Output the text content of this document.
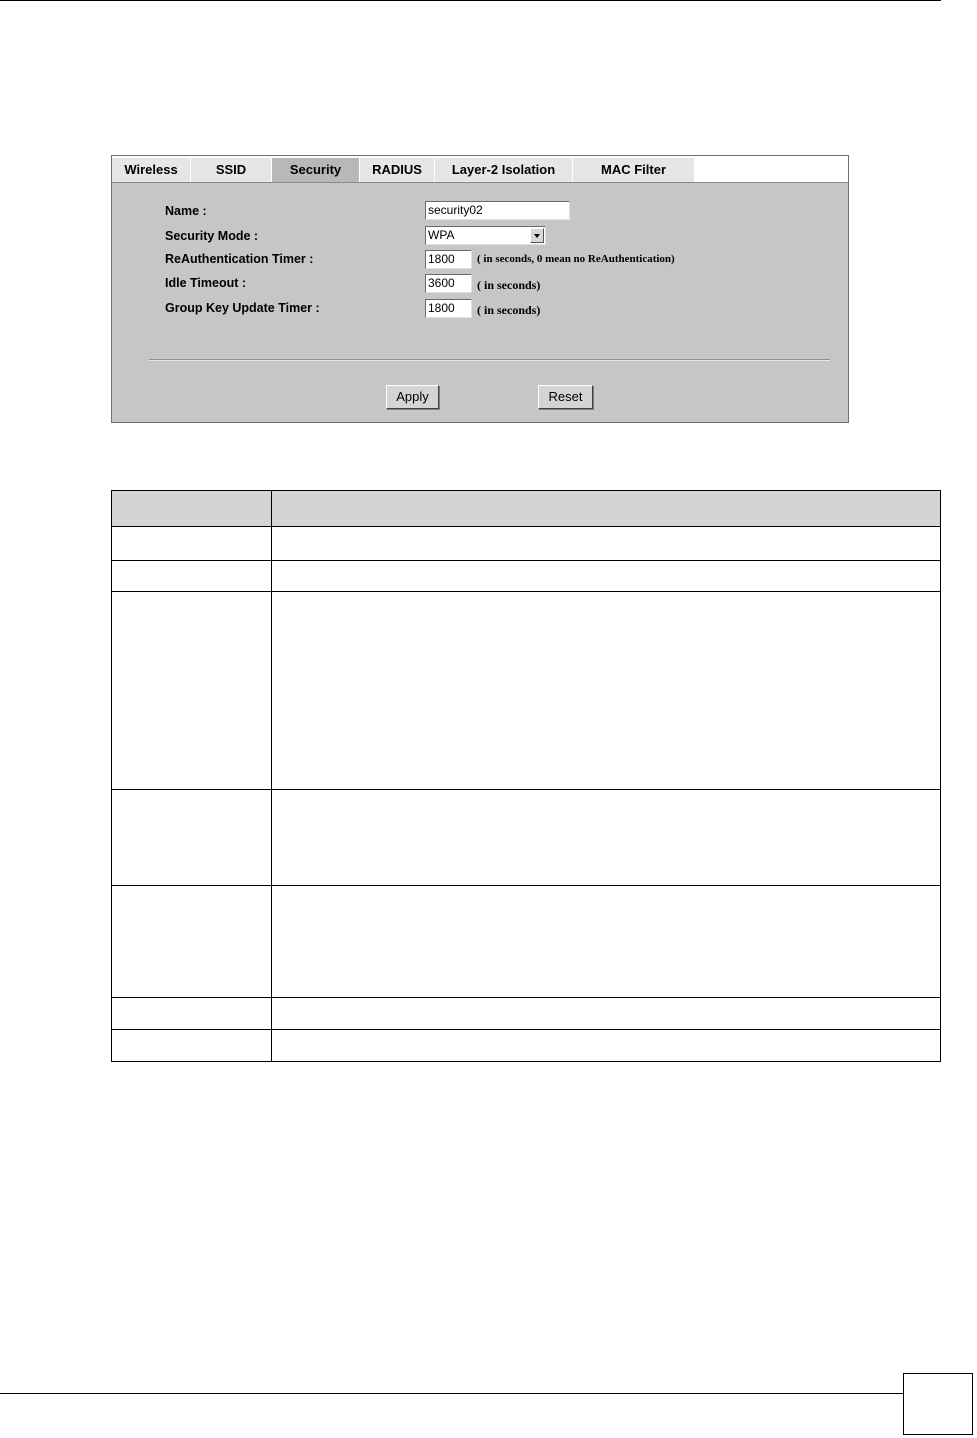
Wireless	SSID	Security	RADIUS	Layer-2 Isolation	MAC Filter
Name :	security02
Security Mode :	WPA
ReAuthentication Timer :	1800	( in seconds, 0 mean no ReAuthentication)
Idle Timeout :	3600	( in seconds)
Group Key Update Timer :	1800	( in seconds)
Apply	Reset
